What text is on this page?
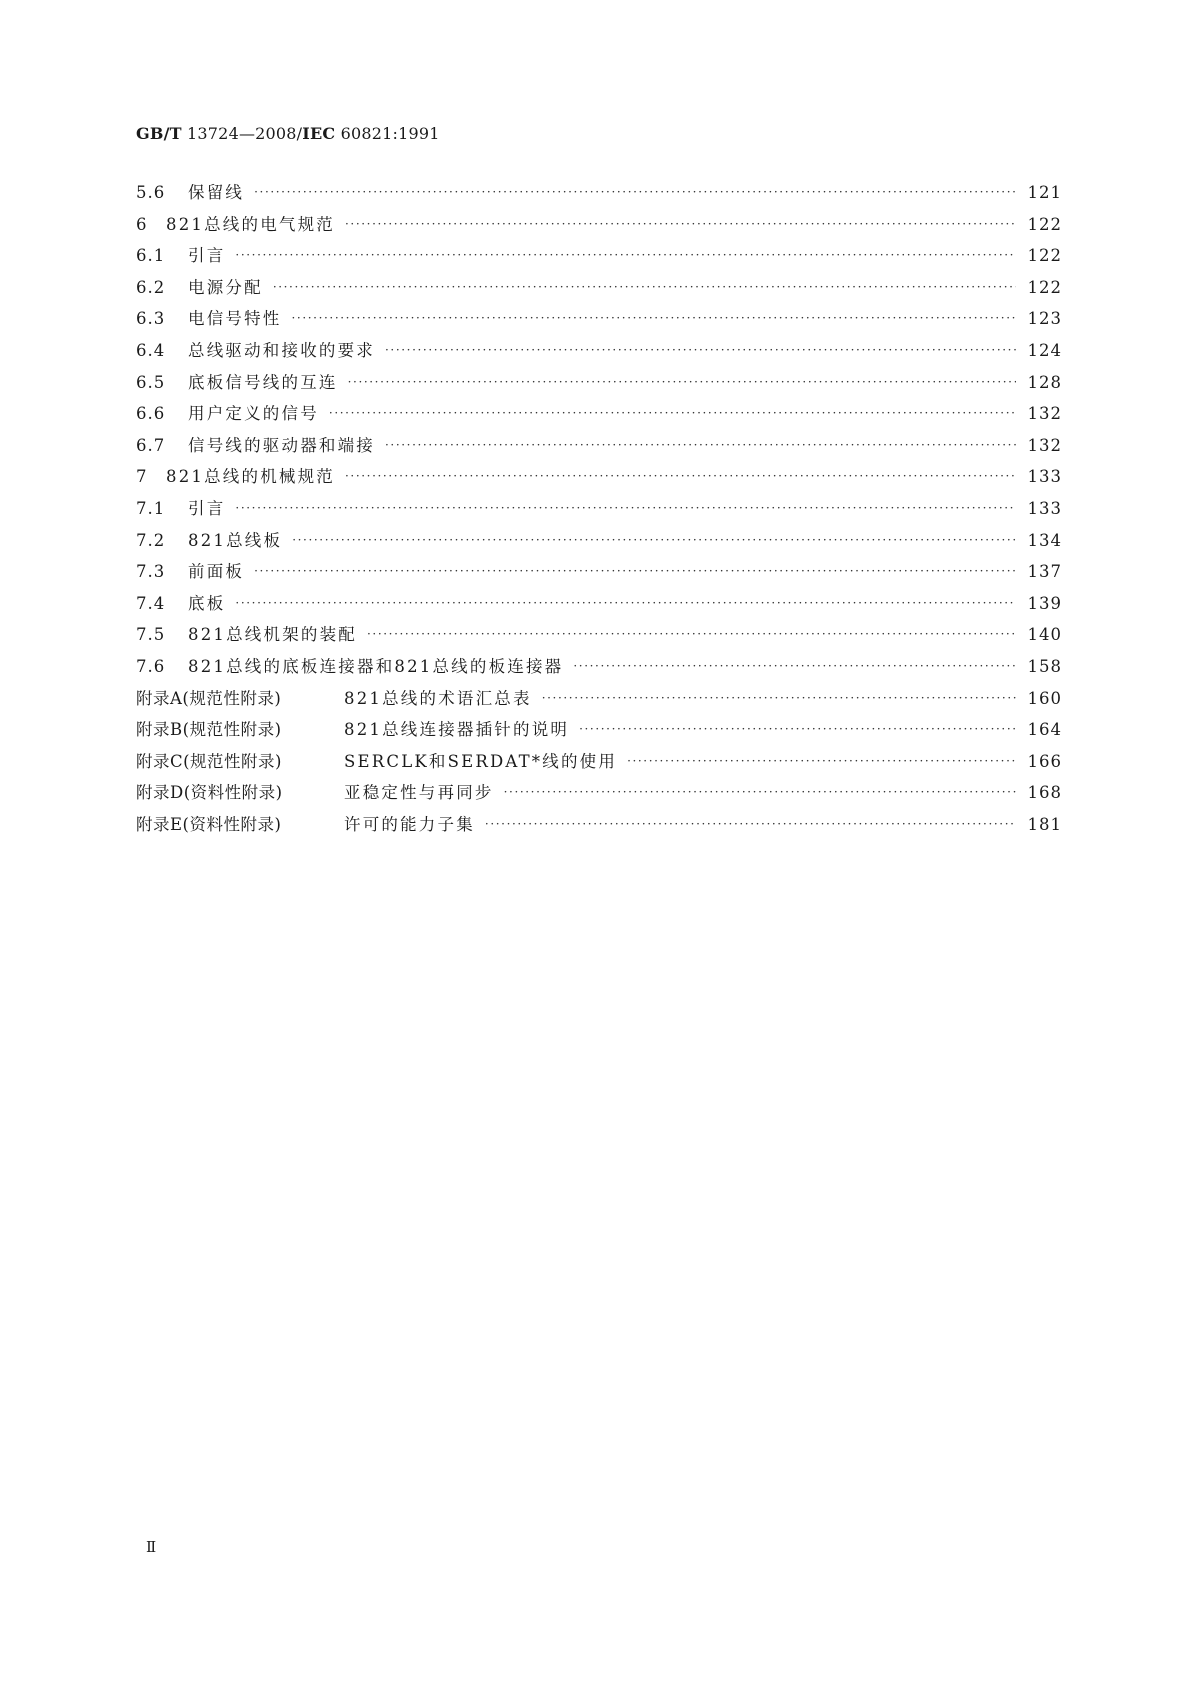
GB/T 13724—2008/IEC 60821:1991
5.6	保留线 ·····	121
6	821总线的电气规范 ·····	122
6.1	引言 ·····	122
6.2	电源分配 ·····	122
6.3	电信号特性 ·····	123
6.4	总线驱动和接收的要求 ·····	124
6.5	底板信号线的互连 ·····	128
6.6	用户定义的信号 ·····	132
6.7	信号线的驱动器和端接 ·····	132
7	821总线的机械规范 ·····	133
7.1	引言 ·····	133
7.2	821总线板 ·····	134
7.3	前面板 ·····	137
7.4	底板 ·····	139
7.5	821总线机架的装配 ·····	140
7.6	821总线的底板连接器和821总线的板连接器 ·····	158
附录A(规范性附录)	821总线的术语汇总表 ·····	160
附录B(规范性附录)	821总线连接器插针的说明 ·····	164
附录C(规范性附录)	SERCLK和SERDAT*线的使用 ·····	166
附录D(资料性附录)	亚稳定性与再同步 ·····	168
附录E(资料性附录)	许可的能力子集 ·····	181
Ⅱ
